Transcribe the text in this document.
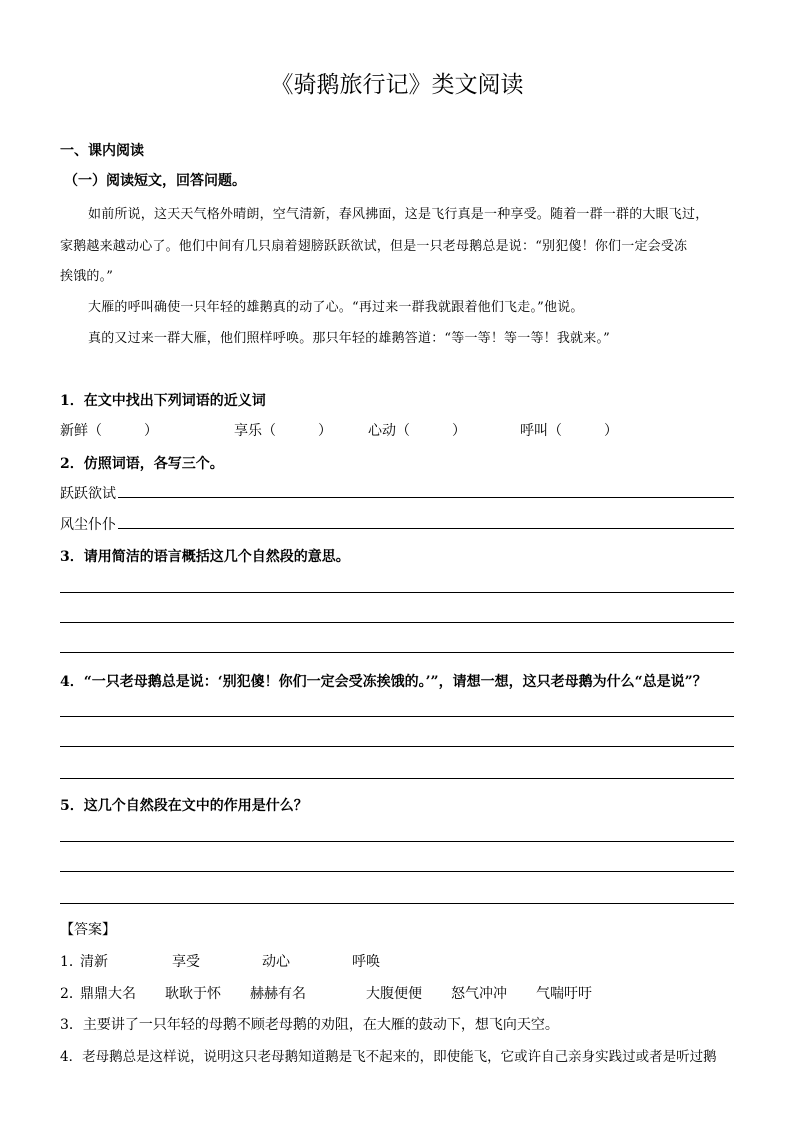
《骑鹅旅行记》类文阅读
一、课内阅读
（一）阅读短文，回答问题。
如前所说，这天天气格外晴朗，空气清新，春风拂面，这是飞行真是一种享受。随着一群一群的大眼飞过，
家鹅越来越动心了。他们中间有几只扇着翅膀跃跃欲试，但是一只老母鹅总是说：“别犯傻！你们一定会受冻
挨饿的。”
大雁的呼叫确使一只年轻的雄鹅真的动了心。“再过来一群我就跟着他们飞走。”他说。
真的又过来一群大雁，他们照样呼唤。那只年轻的雄鹅答道：“等一等！等一等！我就来。”
1．在文中找出下列词语的近义词
新鲜（　　　）	享乐（　　　）	心动（　　　）	呼叫（　　　）
2．仿照词语，各写三个。
跃跃欲试
风尘仆仆
3．请用简洁的语言概括这几个自然段的意思。
4．“一只老母鹅总是说：‘别犯傻！你们一定会受冻挨饿的。’”，请想一想，这只老母鹅为什么“总是说”？
5．这几个自然段在文中的作用是什么？
【答案】
1．
清新	享受	动心	呼唤
2．
鼎鼎大名 耿耿于怀 赫赫有名	大腹便便 怒气冲冲 气喘吁吁
3．主要讲了一只年轻的母鹅不顾老母鹅的劝阻，在大雁的鼓动下，想飞向天空。
4．老母鹅总是这样说，说明这只老母鹅知道鹅是飞不起来的，即使能飞，它或许自己亲身实践过或者是听过鹅
